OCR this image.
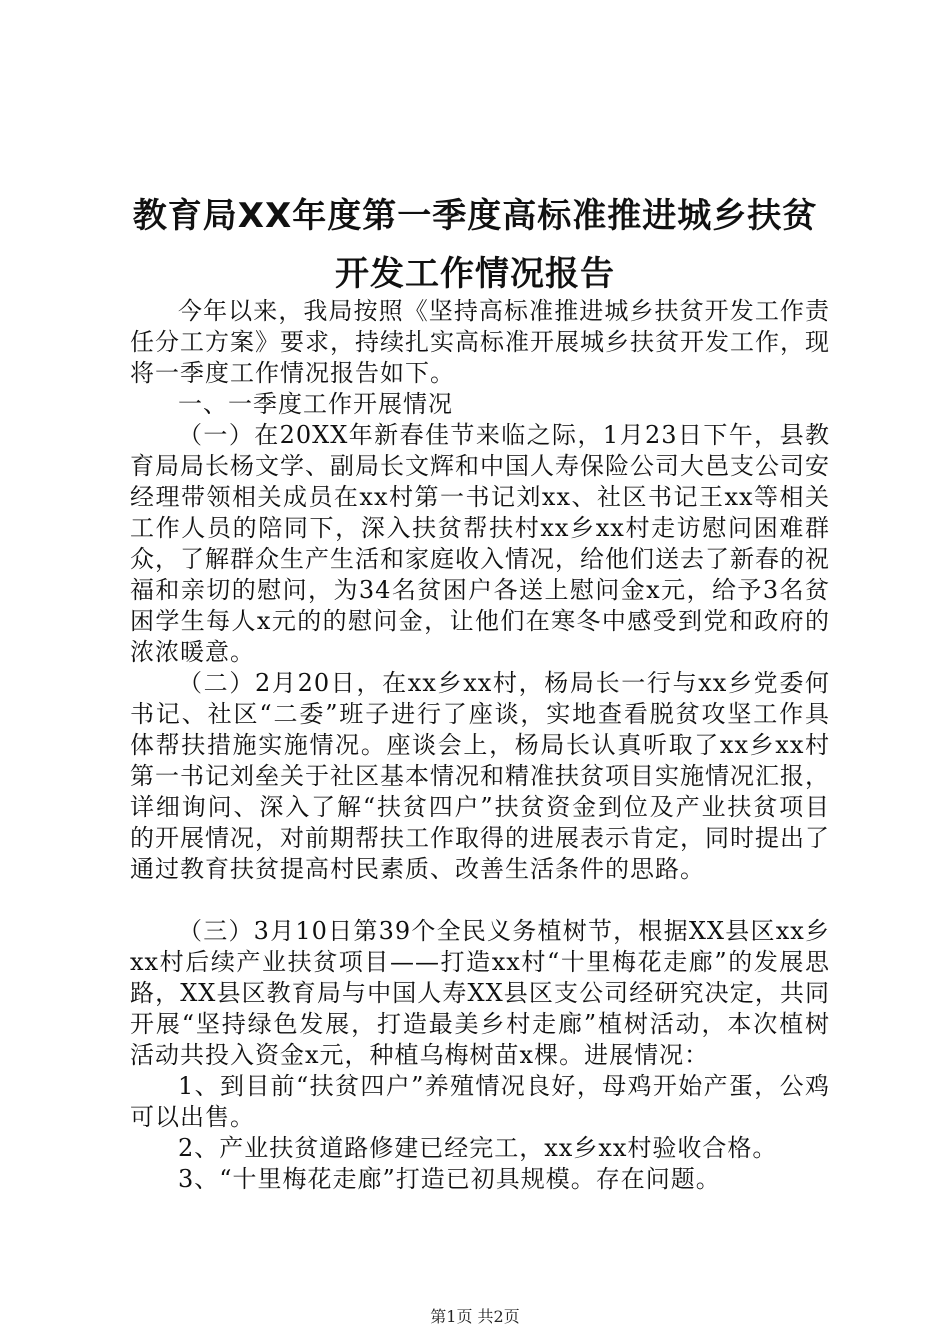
教育局XX年度第一季度高标准推进城乡扶贫
开发工作情况报告

今年以来，我局按照《坚持高标准推进城乡扶贫开发工作责任分工方案》要求，持续扎实高标准开展城乡扶贫开发工作，现将一季度工作情况报告如下。

一、一季度工作开展情况

（一）在20XX年新春佳节来临之际，1月23日下午，县教育局局长杨文学、副局长文辉和中国人寿保险公司大邑支公司安经理带领相关成员在xx村第一书记刘xx、社区书记王xx等相关工作人员的陪同下，深入扶贫帮扶村xx乡xx村走访慰问困难群众，了解群众生产生活和家庭收入情况，给他们送去了新春的祝福和亲切的慰问，为34名贫困户各送上慰问金x元，给予3名贫困学生每人x元的的慰问金，让他们在寒冬中感受到党和政府的浓浓暖意。

（二）2月20日，在xx乡xx村，杨局长一行与xx乡党委何书记、社区“二委”班子进行了座谈，实地查看脱贫攻坚工作具体帮扶措施实施情况。座谈会上，杨局长认真听取了xx乡xx村第一书记刘垒关于社区基本情况和精准扶贫项目实施情况汇报，详细询问、深入了解“扶贫四户”扶贫资金到位及产业扶贫项目的开展情况，对前期帮扶工作取得的进展表示肯定，同时提出了通过教育扶贫提高村民素质、改善生活条件的思路。

（三）3月10日第39个全民义务植树节，根据XX县区xx乡xx村后续产业扶贫项目——打造xx村“十里梅花走廊”的发展思路，XX县区教育局与中国人寿XX县区支公司经研究决定，共同开展“坚持绿色发展，打造最美乡村走廊”植树活动，本次植树活动共投入资金x元，种植乌梅树苗x棵。进展情况：

1、到目前“扶贫四户”养殖情况良好，母鸡开始产蛋，公鸡可以出售。

2、产业扶贫道路修建已经完工，xx乡xx村验收合格。

3、“十里梅花走廊”打造已初具规模。存在问题。

第1页 共2页
